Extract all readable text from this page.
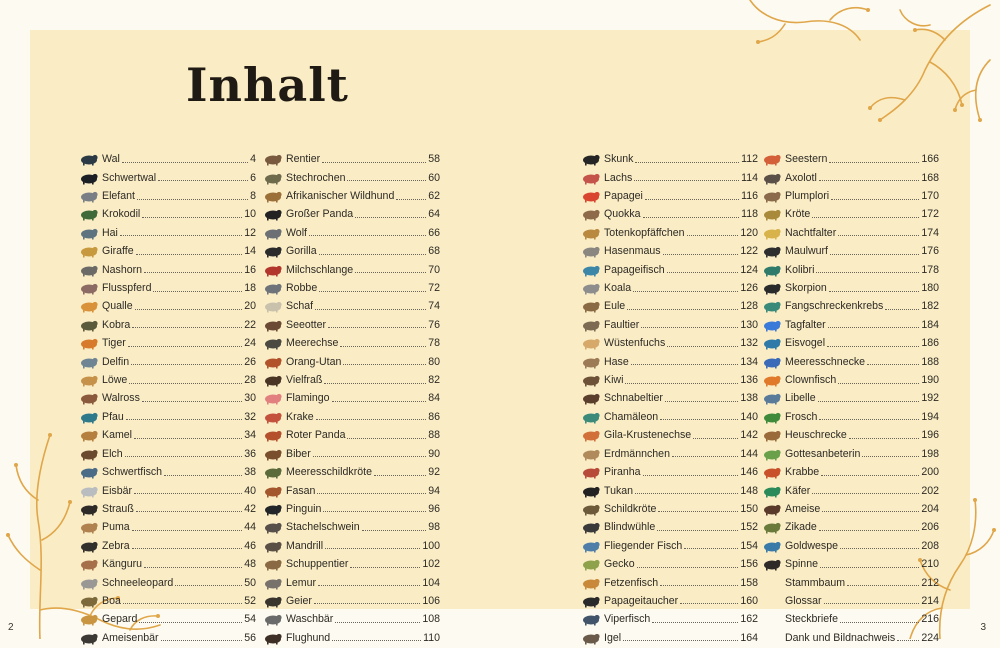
Inhalt
Wal	4
Schwertwal	6
Elefant	8
Krokodil	10
Hai	12
Giraffe	14
Nashorn	16
Flusspferd	18
Qualle	20
Kobra	22
Tiger	24
Delfin	26
Löwe	28
Walross	30
Pfau	32
Kamel	34
Elch	36
Schwertfisch	38
Eisbär	40
Strauß	42
Puma	44
Zebra	46
Känguru	48
Schneeleopard	50
Boa	52
Gepard	54
Ameisenbär	56
Rentier	58
Stechrochen	60
Afrikanischer Wildhund	62
Großer Panda	64
Wolf	66
Gorilla	68
Milchschlange	70
Robbe	72
Schaf	74
Seeotter	76
Meerechse	78
Orang-Utan	80
Vielfraß	82
Flamingo	84
Krake	86
Roter Panda	88
Biber	90
Meeresschildkröte	92
Fasan	94
Pinguin	96
Stachelschwein	98
Mandrill	100
Schuppentier	102
Lemur	104
Geier	106
Waschbär	108
Flughund	110
Skunk	112
Lachs	114
Papagei	116
Quokka	118
Totenkopfäffchen	120
Hasenmaus	122
Papageifisch	124
Koala	126
Eule	128
Faultier	130
Wüstenfuchs	132
Hase	134
Kiwi	136
Schnabeltier	138
Chamäleon	140
Gila-Krustenechse	142
Erdmännchen	144
Piranha	146
Tukan	148
Schildkröte	150
Blindwühle	152
Fliegender Fisch	154
Gecko	156
Fetzenfisch	158
Papageitaucher	160
Viperfisch	162
Igel	164
Seestern	166
Axolotl	168
Plumplori	170
Kröte	172
Nachtfalter	174
Maulwurf	176
Kolibri	178
Skorpion	180
Fangschreckenkrebs	182
Tagfalter	184
Eisvogel	186
Meeresschnecke	188
Clownfisch	190
Libelle	192
Frosch	194
Heuschrecke	196
Gottesanbeterin	198
Krabbe	200
Käfer	202
Ameise	204
Zikade	206
Goldwespe	208
Spinne	210
Stammbaum	212
Glossar	214
Steckbriefe	216
Dank und Bildnachweis 224
2	3
